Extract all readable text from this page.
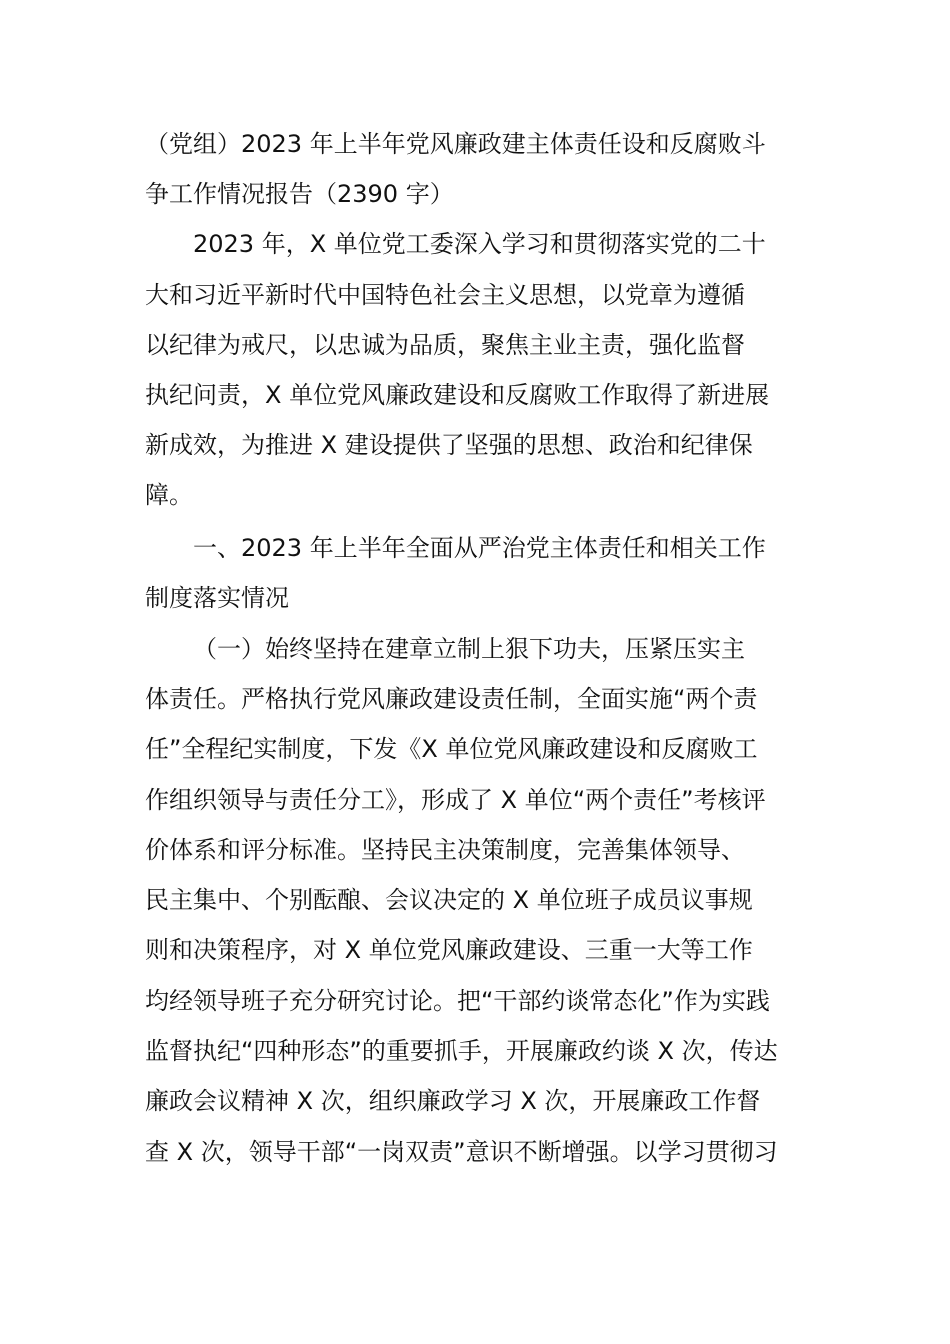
（党组）2023 年上半年党风廉政建主体责任设和反腐败斗
争工作情况报告（2390 字）
2023 年，X 单位党工委深入学习和贯彻落实党的二十
大和习近平新时代中国特色社会主义思想，以党章为遵循
以纪律为戒尺，以忠诚为品质，聚焦主业主责，强化监督
执纪问责，X 单位党风廉政建设和反腐败工作取得了新进展
新成效，为推进 X 建设提供了坚强的思想、政治和纪律保
障。
一、2023 年上半年全面从严治党主体责任和相关工作
制度落实情况
（一）始终坚持在建章立制上狠下功夫，压紧压实主
体责任。严格执行党风廉政建设责任制，全面实施“两个责
任”全程纪实制度，下发《X 单位党风廉政建设和反腐败工
作组织领导与责任分工》，形成了 X 单位“两个责任”考核评
价体系和评分标准。坚持民主决策制度，完善集体领导、
民主集中、个别酝酿、会议决定的 X 单位班子成员议事规
则和决策程序，对 X 单位党风廉政建设、三重一大等工作
均经领导班子充分研究讨论。把“干部约谈常态化”作为实践
监督执纪“四种形态”的重要抓手，开展廉政约谈 X 次，传达
廉政会议精神 X 次，组织廉政学习 X 次，开展廉政工作督
查 X 次，领导干部“一岗双责”意识不断增强。以学习贯彻习
